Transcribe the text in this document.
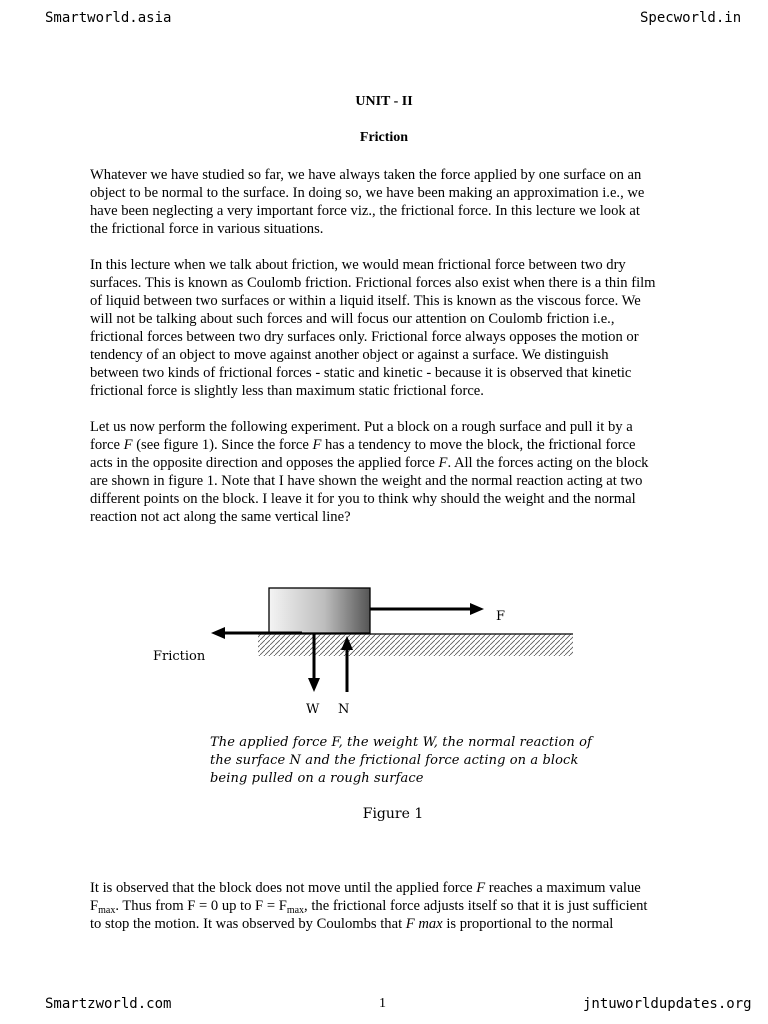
Smartworld.asia	Specworld.in
UNIT - II
Friction

Whatever we have studied so far, we have always taken the force applied by one surface on an
object to be normal to the surface. In doing so, we have been making an approximation i.e., we
have been neglecting a very important force viz., the frictional force. In this lecture we look at
the frictional force in various situations.

In this lecture when we talk about friction, we would mean frictional force between two dry
surfaces. This is known as Coulomb friction. Frictional forces also exist when there is a thin film
of liquid between two surfaces or within a liquid itself. This is known as the viscous force. We
will not be talking about such forces and will focus our attention on Coulomb friction i.e.,
frictional forces between two dry surfaces only. Frictional force always opposes the motion or
tendency of an object to move against another object or against a surface. We distinguish
between two kinds of frictional forces - static and kinetic - because it is observed that kinetic
frictional force is slightly less than maximum static frictional force.

Let us now perform the following experiment. Put a block on a rough surface and pull it by a
force F (see figure 1). Since the force F has a tendency to move the block, the frictional force
acts in the opposite direction and opposes the applied force F. All the forces acting on the block
are shown in figure 1. Note that I have shown the weight and the normal reaction acting at two
different points on the block. I leave it for you to think why should the weight and the normal
reaction not act along the same vertical line?

F
Friction
W N
The applied force F, the weight W, the normal reaction of
the surface N and the frictional force acting on a block
being pulled on a rough surface
Figure 1

It is observed that the block does not move until the applied force F reaches a maximum value
$F_{max}$. Thus from F = 0 up to $F = F_{max}$, the frictional force adjusts itself so that it is just sufficient
to stop the motion. It was observed by Coulombs that F max is proportional to the normal

Smartzworld.com	1	jntuworldupdates.org
